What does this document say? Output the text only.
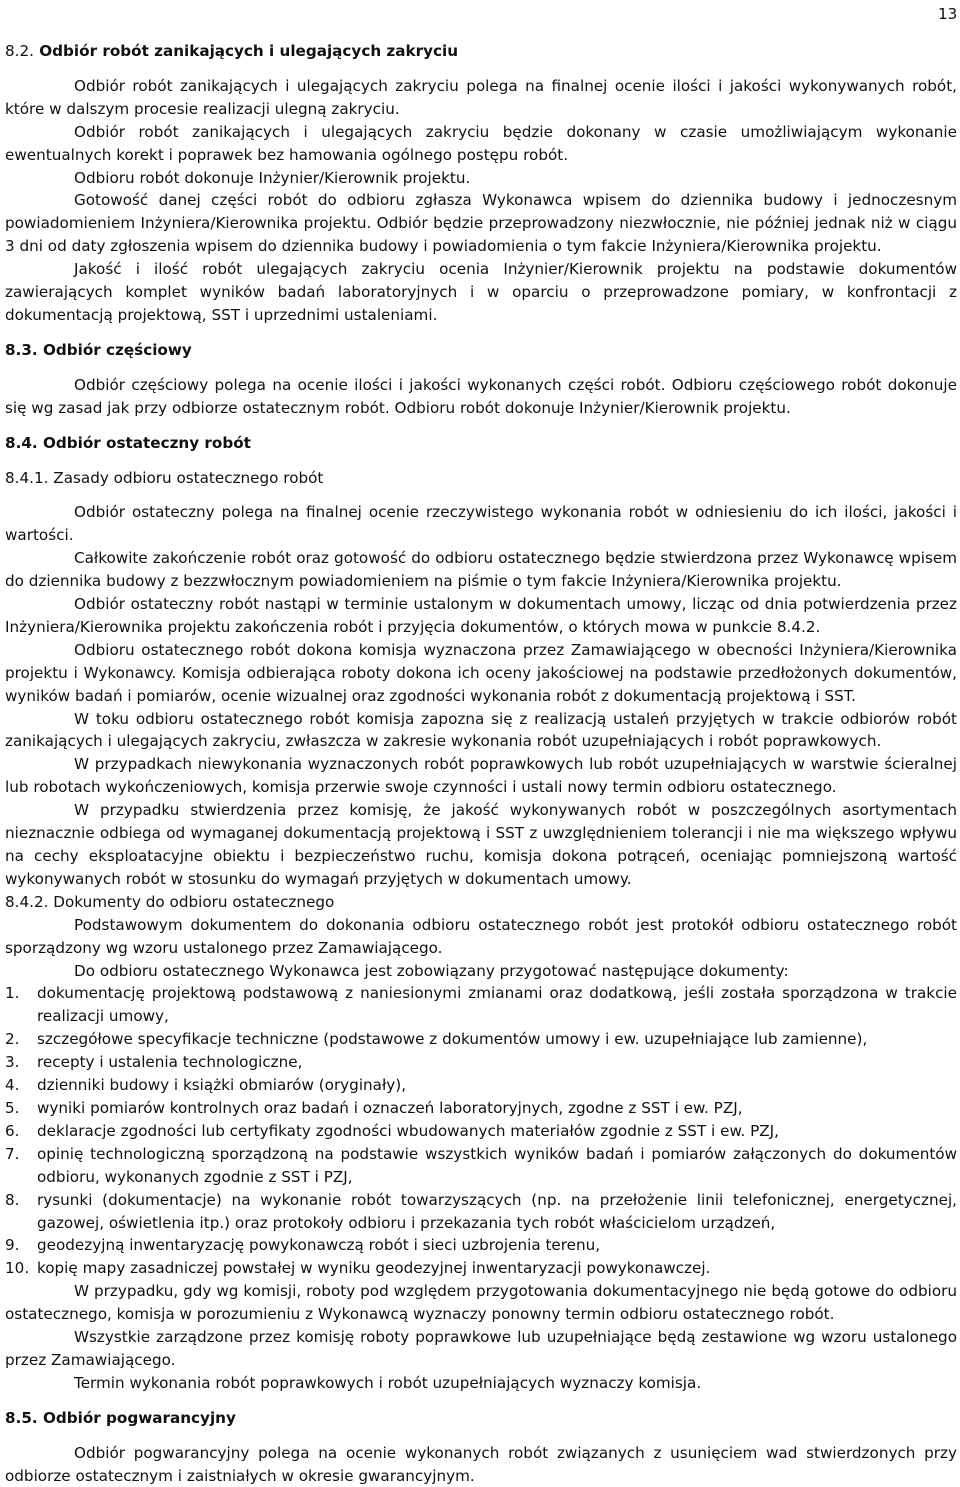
13

8.2. Odbiór robót zanikających i ulegających zakryciu

Odbiór robót zanikających i ulegających zakryciu polega na finalnej ocenie ilości i jakości wykonywanych robót, które w dalszym procesie realizacji ulegną zakryciu.

Odbiór robót zanikających i ulegających zakryciu będzie dokonany w czasie umożliwiającym wykonanie ewentualnych korekt i poprawek bez hamowania ogólnego postępu robót.

Odbioru robót dokonuje Inżynier/Kierownik projektu.

Gotowość danej części robót do odbioru zgłasza Wykonawca wpisem do dziennika budowy i jednoczesnym powiadomieniem Inżyniera/Kierownika projektu. Odbiór będzie przeprowadzony niezwłocznie, nie później jednak niż w ciągu 3 dni od daty zgłoszenia wpisem do dziennika budowy i powiadomienia o tym fakcie Inżyniera/Kierownika projektu.

Jakość i ilość robót ulegających zakryciu ocenia Inżynier/Kierownik projektu na podstawie dokumentów zawierających komplet wyników badań laboratoryjnych i w oparciu o przeprowadzone pomiary, w konfrontacji z dokumentacją projektową, SST i uprzednimi ustaleniami.

8.3. Odbiór częściowy

Odbiór częściowy polega na ocenie ilości i jakości wykonanych części robót. Odbioru częściowego robót dokonuje się wg zasad jak przy odbiorze ostatecznym robót. Odbioru robót dokonuje Inżynier/Kierownik projektu.

8.4. Odbiór ostateczny robót

8.4.1. Zasady odbioru ostatecznego robót

Odbiór ostateczny polega na finalnej ocenie rzeczywistego wykonania robót w odniesieniu do ich ilości, jakości i wartości.

Całkowite zakończenie robót oraz gotowość do odbioru ostatecznego będzie stwierdzona przez Wykonawcę wpisem do dziennika budowy z bezzwłocznym powiadomieniem na piśmie o tym fakcie Inżyniera/Kierownika projektu.

Odbiór ostateczny robót nastąpi w terminie ustalonym w dokumentach umowy, licząc od dnia potwierdzenia przez Inżyniera/Kierownika projektu zakończenia robót i przyjęcia dokumentów, o których mowa w punkcie 8.4.2.

Odbioru ostatecznego robót dokona komisja wyznaczona przez Zamawiającego w obecności Inżyniera/Kierownika projektu i Wykonawcy. Komisja odbierająca roboty dokona ich oceny jakościowej na podstawie przedłożonych dokumentów, wyników badań i pomiarów, ocenie wizualnej oraz zgodności wykonania robót z dokumentacją projektową i SST.

W toku odbioru ostatecznego robót komisja zapozna się z realizacją ustaleń przyjętych w trakcie odbiorów robót zanikających i ulegających zakryciu, zwłaszcza w zakresie wykonania robót uzupełniających i robót poprawkowych.

W przypadkach niewykonania wyznaczonych robót poprawkowych lub robót uzupełniających w warstwie ścieralnej lub robotach wykończeniowych, komisja przerwie swoje czynności i ustali nowy termin odbioru ostatecznego.

W przypadku stwierdzenia przez komisję, że jakość wykonywanych robót w poszczególnych asortymentach nieznacznie odbiega od wymaganej dokumentacją projektową i SST z uwzględnieniem tolerancji i nie ma większego wpływu na cechy eksploatacyjne obiektu i bezpieczeństwo ruchu, komisja dokona potrąceń, oceniając pomniejszoną wartość wykonywanych robót w stosunku do wymagań przyjętych w dokumentach umowy.

8.4.2. Dokumenty do odbioru ostatecznego

Podstawowym dokumentem do dokonania odbioru ostatecznego robót jest protokół odbioru ostatecznego robót sporządzony wg wzoru ustalonego przez Zamawiającego.

Do odbioru ostatecznego Wykonawca jest zobowiązany przygotować następujące dokumenty:

1. dokumentację projektową podstawową z naniesionymi zmianami oraz dodatkową, jeśli została sporządzona w trakcie realizacji umowy,
2. szczegółowe specyfikacje techniczne (podstawowe z dokumentów umowy i ew. uzupełniające lub zamienne),
3. recepty i ustalenia technologiczne,
4. dzienniki budowy i książki obmiarów (oryginały),
5. wyniki pomiarów kontrolnych oraz badań i oznaczeń laboratoryjnych, zgodne z SST i ew. PZJ,
6. deklaracje zgodności lub certyfikaty zgodności wbudowanych materiałów zgodnie z SST i ew. PZJ,
7. opinię technologiczną sporządzoną na podstawie wszystkich wyników badań i pomiarów załączonych do dokumentów odbioru, wykonanych zgodnie z SST i PZJ,
8. rysunki (dokumentacje) na wykonanie robót towarzyszących (np. na przełożenie linii telefonicznej, energetycznej, gazowej, oświetlenia itp.) oraz protokoły odbioru i przekazania tych robót właścicielom urządzeń,
9. geodezyjną inwentaryzację powykonawczą robót i sieci uzbrojenia terenu,
10. kopię mapy zasadniczej powstałej w wyniku geodezyjnej inwentaryzacji powykonawczej.

W przypadku, gdy wg komisji, roboty pod względem przygotowania dokumentacyjnego nie będą gotowe do odbioru ostatecznego, komisja w porozumieniu z Wykonawcą wyznaczy ponowny termin odbioru ostatecznego robót.

Wszystkie zarządzone przez komisję roboty poprawkowe lub uzupełniające będą zestawione wg wzoru ustalonego przez Zamawiającego.

Termin wykonania robót poprawkowych i robót uzupełniających wyznaczy komisja.

8.5. Odbiór pogwarancyjny

Odbiór pogwarancyjny polega na ocenie wykonanych robót związanych z usunięciem wad stwierdzonych przy odbiorze ostatecznym i zaistniałych w okresie gwarancyjnym.
